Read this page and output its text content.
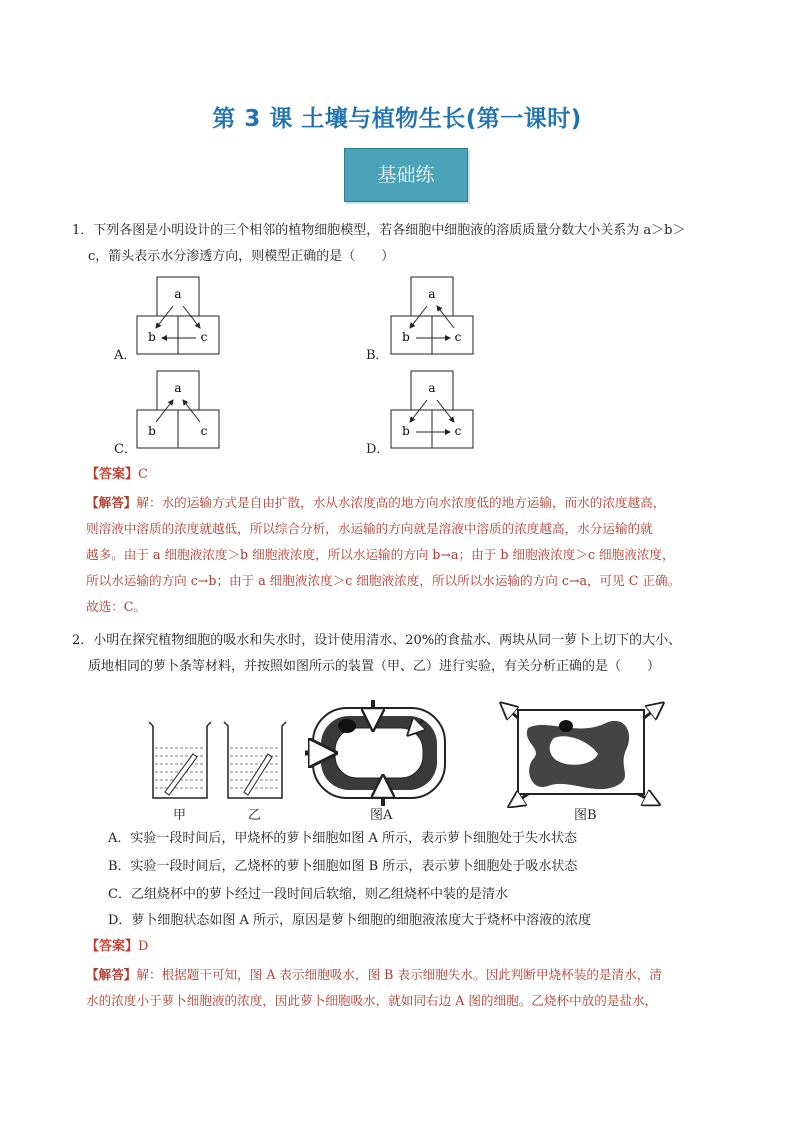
第 3 课 土壤与植物生长(第一课时)
基础练
1．下列各图是小明设计的三个相邻的植物细胞模型，若各细胞中细胞液的溶质质量分数大小关系为 a＞b＞
c，箭头表示水分渗透方向，则模型正确的是（　　）
A．	B．
C．	D．
a
b	c
a
b	c
a
b	c
a
b	c
【答案】C
【解答】解：水的运输方式是自由扩散，水从水浓度高的地方向水浓度低的地方运输，而水的浓度越高，
则溶液中溶质的浓度就越低，所以综合分析，水运输的方向就是溶液中溶质的浓度越高，水分运输的就
越多。由于 a 细胞液浓度＞b 细胞液浓度，所以水运输的方向 b→a；由于 b 细胞液浓度＞c 细胞液浓度，
所以水运输的方向 c→b；由于 a 细胞液浓度＞c 细胞液浓度，所以所以水运输的方向 c→a，可见 C 正确。
故选：C。
2．小明在探究植物细胞的吸水和失水时，设计使用清水、20%的食盐水、两块从同一萝卜上切下的大小、
质地相同的萝卜条等材料，并按照如图所示的装置（甲、乙）进行实验，有关分析正确的是（　　）
甲	乙	图A	图B
A．实验一段时间后，甲烧杯的萝卜细胞如图 A 所示，表示萝卜细胞处于失水状态
B．实验一段时间后，乙烧杯的萝卜细胞如图 B 所示，表示萝卜细胞处于吸水状态
C．乙组烧杯中的萝卜经过一段时间后软缩，则乙组烧杯中装的是清水
D．萝卜细胞状态如图 A 所示，原因是萝卜细胞的细胞液浓度大于烧杯中溶液的浓度
【答案】D
【解答】解：根据题干可知，图 A 表示细胞吸水，图 B 表示细胞失水。因此判断甲烧杯装的是清水，清
水的浓度小于萝卜细胞液的浓度，因此萝卜细胞吸水，就如同右边 A 图的细胞。乙烧杯中放的是盐水，
